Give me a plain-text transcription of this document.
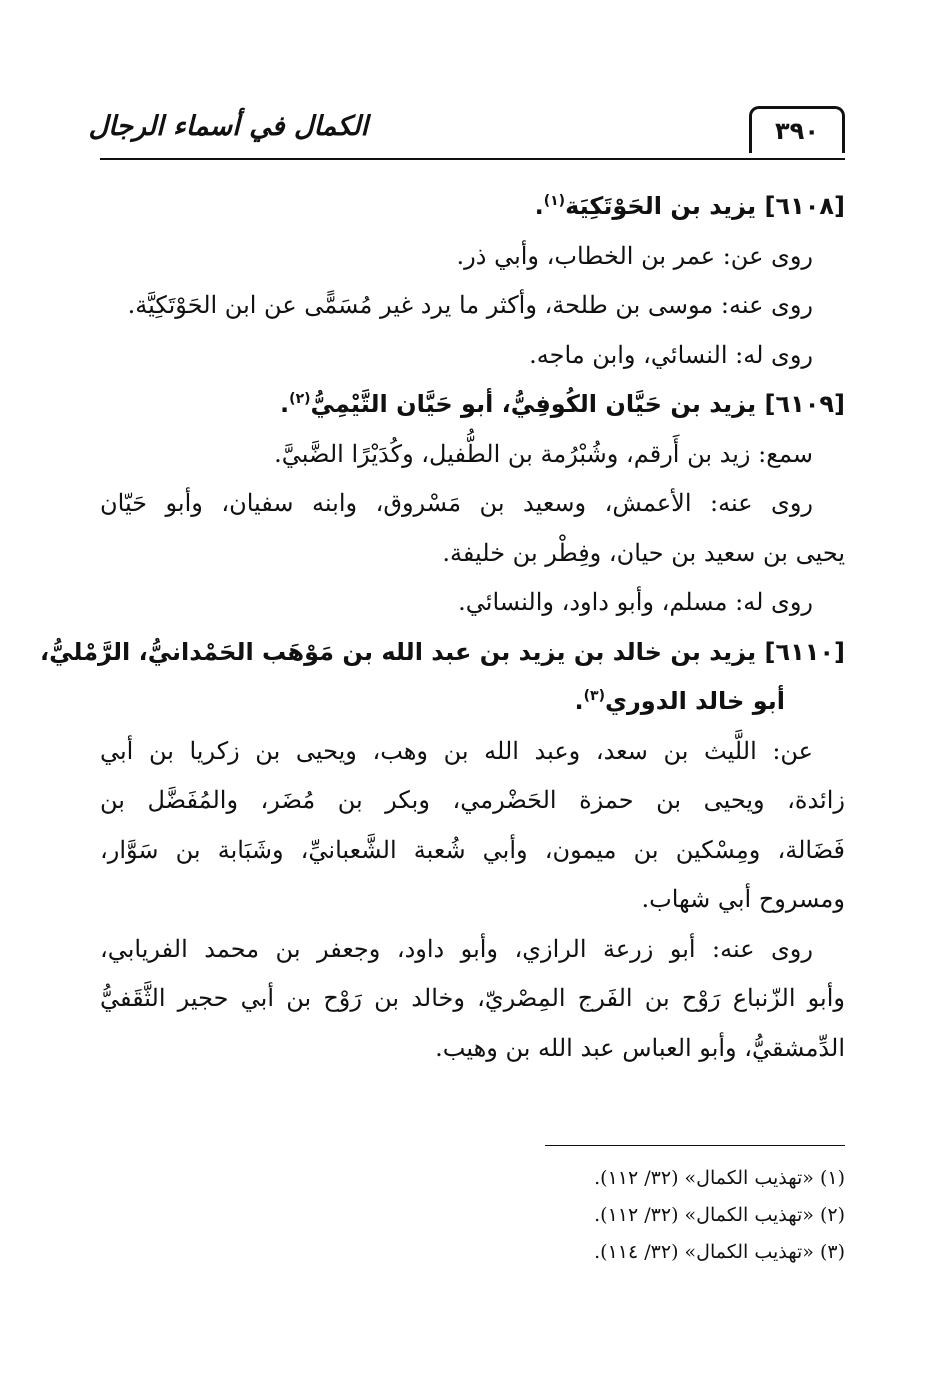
الكمال في أسماء الرجال	٣٩٠
[٦١٠٨] يزيد بن الحَوْتَكِيَة$^{(١)}$.
روى عن: عمر بن الخطاب، وأبي ذر.
روى عنه: موسى بن طلحة، وأكثر ما يرد غير مُسَمًّى عن ابن الحَوْتَكِيَّة.
روى له: النسائي، وابن ماجه.
[٦١٠٩] يزيد بن حَيَّان الكُوفِيُّ، أبو حَيَّان التَّيْمِيُّ$^{(٢)}$.
سمع: زيد بن أَرقم، وشُبْرُمة بن الطُّفيل، وكُدَيْرًا الضَّبيَّ.
روى عنه: الأعمش، وسعيد بن مَسْروق، وابنه سفيان، وأبو حَيّان
يحيى بن سعيد بن حيان، وفِطْر بن خليفة.
روى له: مسلم، وأبو داود، والنسائي.
[٦١١٠] يزيد بن خالد بن يزيد بن عبد الله بن مَوْهَب الحَمْدانيُّ، الرَّمْليُّ،
أبو خالد الدوري$^{(٣)}$.
عن: اللَّيث بن سعد، وعبد الله بن وهب، ويحيى بن زكريا بن أبي
زائدة، ويحيى بن حمزة الحَضْرمي، وبكر بن مُضَر، والمُفَضَّل بن
فَضَالة، ومِسْكين بن ميمون، وأبي شُعبة الشَّعبانيِّ، وشَبَابة بن سَوَّار،
ومسروح أبي شهاب.
روى عنه: أبو زرعة الرازي، وأبو داود، وجعفر بن محمد الفريابي،
وأبو الزّنباع رَوْح بن الفَرج المِصْريّ، وخالد بن رَوْح بن أبي حجير الثَّقَفيُّ
الدِّمشقيُّ، وأبو العباس عبد الله بن وهيب.
(١) «تهذيب الكمال» (٣٢/ ١١٢).
(٢) «تهذيب الكمال» (٣٢/ ١١٢).
(٣) «تهذيب الكمال» (٣٢/ ١١٤).
